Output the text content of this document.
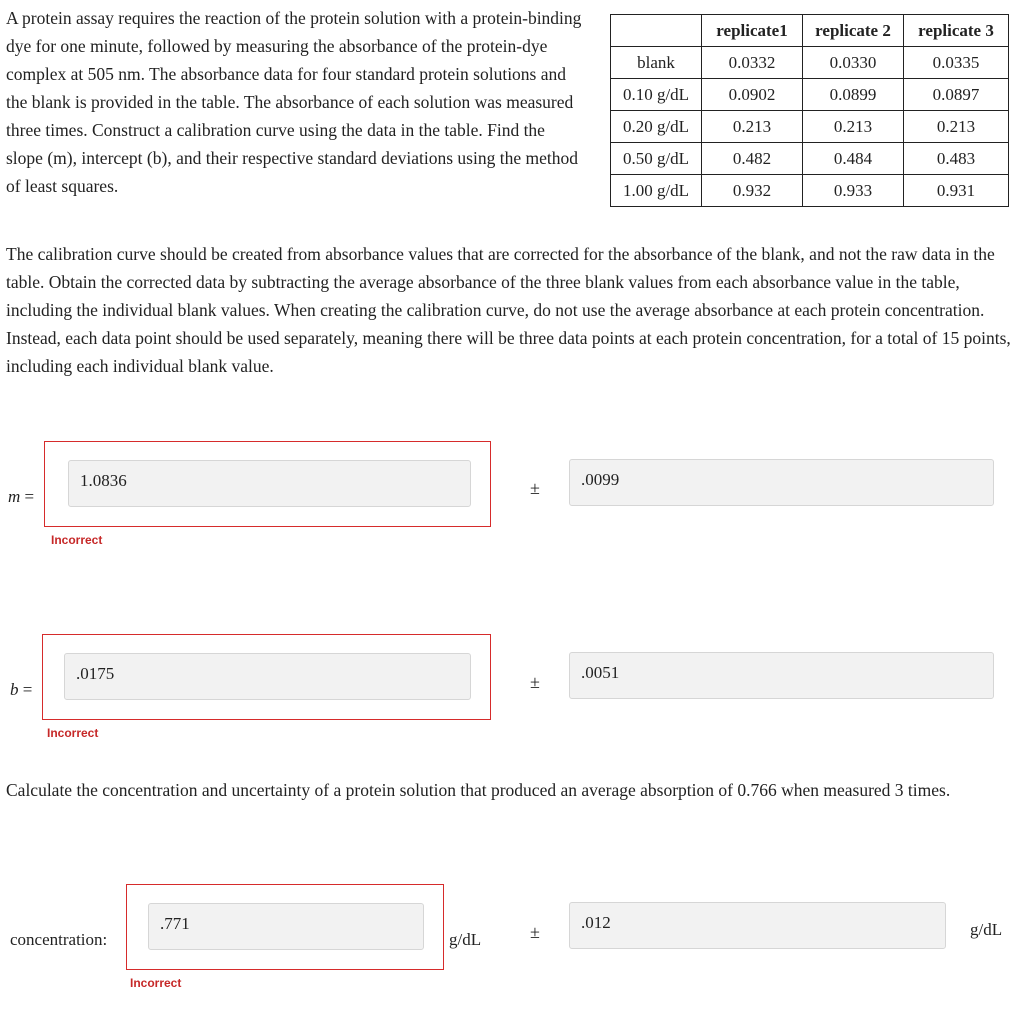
A protein assay requires the reaction of the protein solution with a protein-binding dye for one minute, followed by measuring the absorbance of the protein-dye complex at 505 nm. The absorbance data for four standard protein solutions and the blank is provided in the table. The absorbance of each solution was measured three times. Construct a calibration curve using the data in the table. Find the slope (m), intercept (b), and their respective standard deviations using the method of least squares.

	replicate1	replicate 2	replicate 3
blank	0.0332	0.0330	0.0335
0.10 g/dL	0.0902	0.0899	0.0897
0.20 g/dL	0.213	0.213	0.213
0.50 g/dL	0.482	0.484	0.483
1.00 g/dL	0.932	0.933	0.931

The calibration curve should be created from absorbance values that are corrected for the absorbance of the blank, and not the raw data in the table. Obtain the corrected data by subtracting the average absorbance of the three blank values from each absorbance value in the table, including the individual blank values. When creating the calibration curve, do not use the average absorbance at each protein concentration. Instead, each data point should be used separately, meaning there will be three data points at each protein concentration, for a total of 15 points, including each individual blank value.

m =
1.0836	±	.0099
Incorrect
b =
.0175	±	.0051
Incorrect

Calculate the concentration and uncertainty of a protein solution that produced an average absorption of 0.766 when measured 3 times.

concentration:
.771
g/dL	±	.012	g/dL
Incorrect
